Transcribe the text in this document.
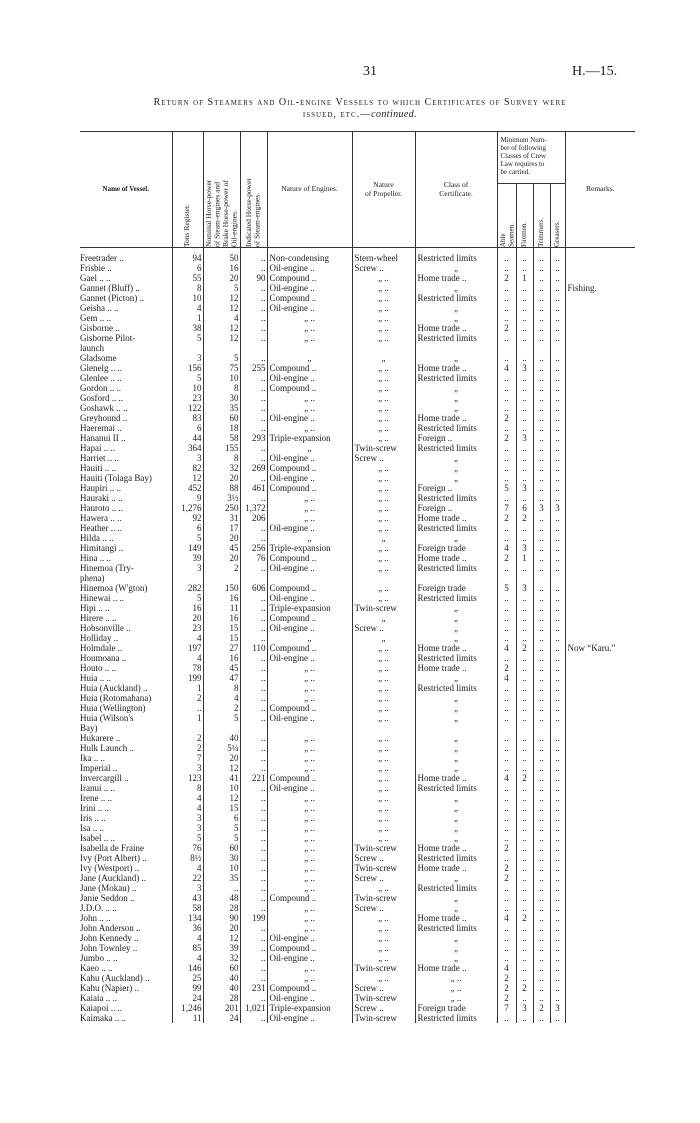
31	H.—15.
Return of Steamers and Oil-engine Vessels to which Certificates of Survey were
issued, etc.—continued.
Name of Vessel.	Tons Register.	Nominal Horse-power
of Steam-engines and
Brake Horse-power of
Oil-engines.	Indicated Horse-power
of Steam-engines.	Nature of Engines.	Nature
of Propeller.	Class of
Certificate.	Minimum Num-
ber of following
Classes of Crew
Law requires to
be carried.				Remarks.

							Able
Seamen.	Firemen.	Trimmers.	Greasers.	

Freetrader ..	94	50	..	Non-condensing	Stern-wheel	Restricted limits	..	..	..	..	
Frisbie ..	6	16	..	Oil-engine ..	Screw ..	„	..	..	..	..	
Gael .. ..	55	20	90	Compound ..	„ ..	Home trade ..	2	1	..	..	
Gannet (Bluff) ..	8	5	..	Oil-engine ..	„ ..	„	..	..	..	..	Fishing.
Gannet (Picton) ..	10	12	..	Compound ..	„ ..	Restricted limits	..	..	..	..	
Geisha .. ..	4	12	..	Oil-engine ..	„ ..	„	..	..	..	..	
Gem .. ..	1	4	..	„ ..	„ ..	„	..	..	..	..	
Gisborne ..	38	12	..	„ ..	„ ..	Home trade ..	2	..	..	..	
Gisborne Pilot-
launch	5	12	..	„ ..	„ ..	Restricted limits	..	..	..	..	
Gladsome	3	5	..	„	„	„	..	..	..	..	
Glenelg .. ..	156	75	255	Compound ..	„ ..	Home trade ..	4	3	..	..	
Glenlee .. ..	5	10	..	Oil-engine ..	„ ..	Restricted limits	..	..	..	..	
Gordon .. ..	10	8	..	Compound ..	„ ..	„	..	..	..	..	
Gosford .. ..	23	30	..	„ ..	„ ..	„	..	..	..	..	
Goshawk .. ..	122	35	..	„ ..	„ ..	„	..	..	..	..	
Greyhound ..	83	60	..	Oil-engine ..	„ ..	Home trade ..	2	..	..	..	
Haeremai ..	6	18	..	„ ..	„ ..	Restricted limits	..	..	..	..	
Hananui II ..	44	58	293	Triple-expansion	„ ..	Foreign ..	2	3	..	..	
Hapai .. ..	364	155	..	„	Twin-screw	Restricted limits	..	..	..	..	
Harriet .. ..	3	8	..	Oil-engine ..	Screw ..	„	..	..	..	..	
Hauiti .. ..	82	32	269	Compound ..	„ ..	„	..	..	..	..	
Hauiti (Tolaga Bay)	12	20	..	Oil-engine ..	„ ..	„	..	..	..	..	
Haupiri .. ..	452	88	461	Compound ..	„ ..	Foreign ..	5	3	..	..	
Hauraki .. ..	9	3½	..	„ ..	„ ..	Restricted limits	..	..	..	..	
Hauroto .. ..	1,276	250	1,372	„ ..	„ ..	Foreign ..	7	6	3	3	
Hawera .. ..	92	31	206	„ ..	„ ..	Home trade ..	2	2	..	..	
Heather .. ..	6	17	..	Oil-engine ..	„ ..	Restricted limits	..	..	..	..	
Hilda .. ..	5	20	..	„	„	„	..	..	..	..	
Himitangi ..	149	45	256	Triple-expansion	„ ..	Foreign trade	4	3	..	..	
Hina .. ..	39	20	76	Compound ..	„ ..	Home trade ..	2	1	..	..	
Hinemoa (Try-
phena)	3	2	..	Oil-engine ..	„ ..	Restricted limits	..	..	..	..	
Hinemoa (W'gton)	282	150	606	Compound ..	„ ..	Foreign trade	5	3	..	..	
Hinewai .. ..	5	16	..	Oil-engine ..	„ ..	Restricted limits	..	..	..	..	
Hipi .. ..	16	11	..	Triple-expansion	Twin-screw	„	..	..	..	..	
Hirere .. ..	20	16	..	Compound ..	„	„	..	..	..	..	
Hobsonville ..	23	15	..	Oil-engine ..	Screw ..	„	..	..	..	..	
Holliday ..	4	15	..	„	„	„	..	..	..	..	
Holmdale ..	197	27	110	Compound ..	„ ..	Home trade ..	4	2	..	..	Now “Karu.”
Houmoana ..	4	16	..	Oil-engine ..	„ ..	Restricted limits	..	..	..	..	
Houto .. ..	78	45	..	„ ..	„ ..	Home trade ..	2	..	..	..	
Huia .. ..	199	47	..	„ ..	„ ..	„	4	..	..	..	
Huia (Auckland) ..	1	8	..	„ ..	„ ..	Restricted limits	..	..	..	..	
Huia (Rotomahana)	2	4	..	„ ..	„ ..	„	..	..	..	..	
Huia (Wellington)	..	2	..	Compound ..	„ ..	„	..	..	..	..	
Huia (Wilson's
Bay)	1	5	..	Oil-engine ..	„ ..	„	..	..	..	..	
Hukarere ..	2	40	..	„ ..	„ ..	„	..	..	..	..	
Hulk Launch ..	2	5¼	..	„ ..	„ ..	„	..	..	..	..	
Ika .. ..	7	20	..	„ ..	„ ..	„	..	..	..	..	
Imperial ..	3	12	..	„ ..	„ ..	„	..	..	..	..	
Invercargill ..	123	41	221	Compound ..	„ ..	Home trade ..	4	2	..	..	
Iranui .. ..	8	10	..	Oil-engine ..	„ ..	Restricted limits	..	..	..	..	
Irene .. ..	4	12	..	„ ..	„ ..	„	..	..	..	..	
Irini .. ..	4	15	..	„ ..	„ ..	„	..	..	..	..	
Iris .. ..	3	6	..	„ ..	„ ..	„	..	..	..	..	
Isa .. ..	3	5	..	„ ..	„ ..	„	..	..	..	..	
Isabel .. ..	5	5	..	„ ..	„ ..	„	..	..	..	..	
Isabella de Fraine	76	60	..	„ ..	Twin-screw	Home trade ..	2	..	..	..	
Ivy (Port Albert) ..	8½	30	..	„ ..	Screw ..	Restricted limits	..	..	..	..	
Ivy (Westport) ..	4	10	..	„ ..	Twin-screw	Home trade ..	2	..	..	..	
Jane (Auckland) ..	22	35	..	„ ..	Screw ..	„	2	..	..	..	
Jane (Mokau) ..	3	..	..	„ ..	„ ..	Restricted limits	..	..	..	..	
Janie Seddon ..	43	48	..	Compound ..	Twin-screw	„	..	..	..	..	
J.D.O. .. ..	58	28	..	„ ..	Screw ..	„	..	..	..	..	
John .. ..	134	90	199	„ ..	„ ..	Home trade ..	4	2	..	..	
John Anderson ..	36	20	..	„ ..	„ ..	Restricted limits	..	..	..	..	
John Kennedy ..	4	12	..	Oil-engine ..	„ ..	„	..	..	..	..	
John Townley ..	85	39	..	Compound ..	„ ..	„	..	..	..	..	
Jumbo .. ..	4	32	..	Oil-engine ..	„ ..	„	..	..	..	..	
Kaeo .. ..	146	60	..	„ ..	Twin-screw	Home trade ..	4	..	..	..	
Kahu (Auckland) ..	25	40	..	„ ..	„ ..	„ ..	2	..	..	..	
Kahu (Napier) ..	99	40	231	Compound ..	Screw ..	„ ..	2	2	..	..	
Kaiaia .. ..	24	28	..	Oil-engine ..	Twin-screw	„ ..	2	..	..	..	
Kaiapoi .. ..	1,246	201	1,021	Triple-expansion	Screw ..	Foreign trade	7	3	2	3	
Kaimaka .. ..	11	24	..	Oil-engine ..	Twin-screw	Restricted limits	..	..	..	..	
